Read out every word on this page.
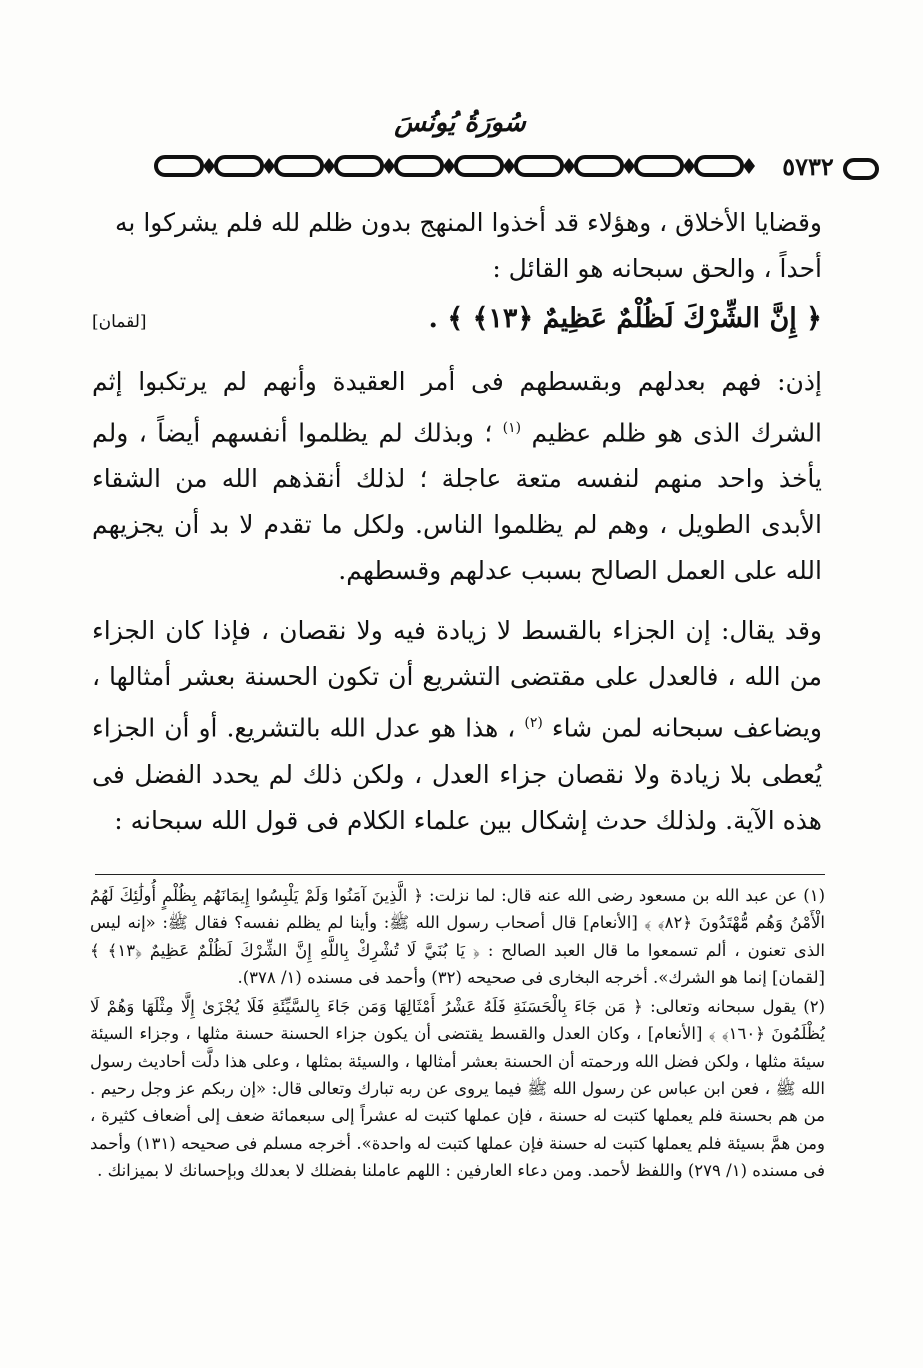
سُورَةُ يُونُسَ
٥٧٣٢

وقضايا الأخلاق ، وهؤلاء قد أخذوا المنهج بدون ظلم لله فلم يشركوا به

أحداً ، والحق سبحانه هو القائل :

﴿ إِنَّ الشِّرْكَ لَظُلْمٌ عَظِيمٌ ﴿١٣﴾ ﴾ .
[لقمان]

إذن: فهم بعدلهم وبقسطهم فى أمر العقيدة وأنهم لم يرتكبوا إثم الشرك الذى هو ظلم عظيم $^{(١)}$ ؛ وبذلك لم يظلموا أنفسهم أيضاً ، ولم يأخذ واحد منهم لنفسه متعة عاجلة ؛ لذلك أنقذهم الله من الشقاء الأبدى الطويل ، وهم لم يظلموا الناس. ولكل ما تقدم لا بد أن يجزيهم الله على العمل الصالح بسبب عدلهم وقسطهم.

وقد يقال: إن الجزاء بالقسط لا زيادة فيه ولا نقصان ، فإذا كان الجزاء من الله ، فالعدل على مقتضى التشريع أن تكون الحسنة بعشر أمثالها ، ويضاعف سبحانه لمن شاء $^{(٢)}$ ، هذا هو عدل الله بالتشريع. أو أن الجزاء يُعطى بلا زيادة ولا نقصان جزاء العدل ، ولكن ذلك لم يحدد الفضل فى هذه الآية. ولذلك حدث إشكال بين علماء الكلام فى قول الله سبحانه :

(١) عن عبد الله بن مسعود رضى الله عنه قال: لما نزلت: ﴿ الَّذِينَ آمَنُوا وَلَمْ يَلْبِسُوا إِيمَانَهُم بِظُلْمٍ أُولَٰئِكَ لَهُمُ الْأَمْنُ وَهُم مُّهْتَدُونَ ﴿٨٢﴾ ﴾ [الأنعام] قال أصحاب رسول الله ﷺ: وأينا لم يظلم نفسه؟ فقال ﷺ: «إنه ليس الذى تعنون ، ألم تسمعوا ما قال العبد الصالح : ﴿ يَا بُنَيَّ لَا تُشْرِكْ بِاللَّهِ إِنَّ الشِّرْكَ لَظُلْمٌ عَظِيمٌ ﴿١٣﴾ ﴾ [لقمان] إنما هو الشرك». أخرجه البخارى فى صحيحه (٣٢) وأحمد فى مسنده (١/ ٣٧٨).

(٢) يقول سبحانه وتعالى: ﴿ مَن جَاءَ بِالْحَسَنَةِ فَلَهُ عَشْرُ أَمْثَالِهَا وَمَن جَاءَ بِالسَّيِّئَةِ فَلَا يُجْزَىٰ إِلَّا مِثْلَهَا وَهُمْ لَا يُظْلَمُونَ ﴿١٦٠﴾ ﴾ [الأنعام] ، وكان العدل والقسط يقتضى أن يكون جزاء الحسنة حسنة مثلها ، وجزاء السيئة سيئة مثلها ، ولكن فضل الله ورحمته أن الحسنة بعشر أمثالها ، والسيئة بمثلها ، وعلى هذا دلَّت أحاديث رسول الله ﷺ ، فعن ابن عباس عن رسول الله ﷺ فيما يروى عن ربه تبارك وتعالى قال: «إن ربكم عز وجل رحيم . من هم بحسنة فلم يعملها كتبت له حسنة ، فإن عملها كتبت له عشراً إلى سبعمائة ضعف إلى أضعاف كثيرة ، ومن همَّ بسيئة فلم يعملها كتبت له حسنة فإن عملها كتبت له واحدة». أخرجه مسلم فى صحيحه (١٣١) وأحمد فى مسنده (١/ ٢٧٩) واللفظ لأحمد. ومن دعاء العارفين : اللهم عاملنا بفضلك لا بعدلك وبإحسانك لا بميزانك .
